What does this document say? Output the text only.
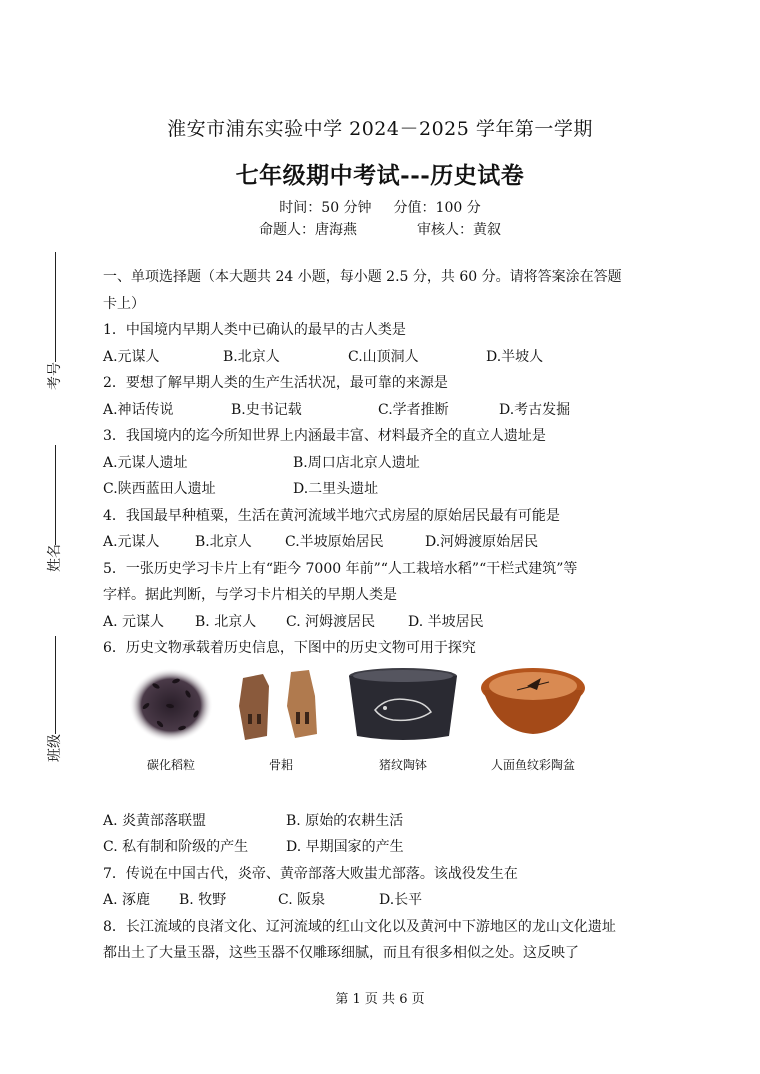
淮安市浦东实验中学 2024－2025 学年第一学期
七年级期中考试---历史试卷
时间：50 分钟 分值：100 分
命题人：唐海燕	审核人：黄叙
考号
姓名
班级
一、单项选择题（本大题共 24 小题，每小题 2.5 分，共 60 分。请将答案涂在答题
卡上）
1．中国境内早期人类中已确认的最早的古人类是
A.元谋人	B.北京人	C.山顶洞人	D.半坡人
2．要想了解早期人类的生产生活状况，最可靠的来源是
A.神话传说	B.史书记载	C.学者推断	D.考古发掘
3．我国境内的迄今所知世界上内涵最丰富、材料最齐全的直立人遗址是
A.元谋人遗址	B.周口店北京人遗址
C.陕西蓝田人遗址	D.二里头遗址
4．我国最早种植粟，生活在黄河流域半地穴式房屋的原始居民最有可能是
A.元谋人	B.北京人 C.半坡原始居民	D.河姆渡原始居民
5．一张历史学习卡片上有“距今 7000 年前”“人工栽培水稻”“干栏式建筑”等
字样。据此判断，与学习卡片相关的早期人类是
A. 元谋人 B. 北京人 C. 河姆渡居民 D. 半坡居民
6．历史文物承载着历史信息，下图中的历史文物可用于探究
碳化稻粒	骨耜	猪纹陶钵	人面鱼纹彩陶盆
A. 炎黄部落联盟	B. 原始的农耕生活
C. 私有制和阶级的产生	D. 早期国家的产生
7．传说在中国古代，炎帝、黄帝部落大败蚩尤部落。该战役发生在
A. 涿鹿 B. 牧野	C. 阪泉	D.长平
8．长江流域的良渚文化、辽河流域的红山文化以及黄河中下游地区的龙山文化遗址
都出土了大量玉器，这些玉器不仅雕琢细腻，而且有很多相似之处。这反映了
第 1 页 共 6 页
